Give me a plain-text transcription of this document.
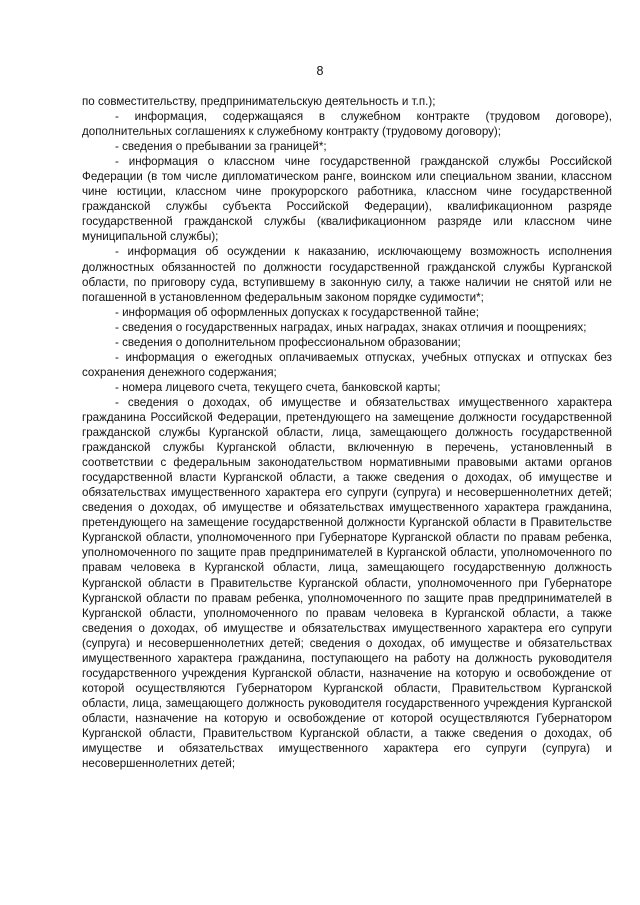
8

по совместительству, предпринимательскую деятельность и т.п.);

- информация, содержащаяся в служебном контракте (трудовом договоре), дополнительных соглашениях к служебному контракту (трудовому договору);

- сведения о пребывании за границей*;

- информация о классном чине государственной гражданской службы Российской Федерации (в том числе дипломатическом ранге, воинском или специальном звании, классном чине юстиции, классном чине прокурорского работника, классном чине государственной гражданской службы субъекта Российской Федерации), квалификационном разряде государственной гражданской службы (квалификационном разряде или классном чине муниципальной службы);

- информация об осуждении к наказанию, исключающему возможность исполнения должностных обязанностей по должности государственной гражданской службы Курганской области, по приговору суда, вступившему в законную силу, а также наличии не снятой или не погашенной в установленном федеральным законом порядке судимости*;

- информация об оформленных допусках к государственной тайне;

- сведения о государственных наградах, иных наградах, знаках отличия и поощрениях;

- сведения о дополнительном профессиональном образовании;

- информация о ежегодных оплачиваемых отпусках, учебных отпусках и отпусках без сохранения денежного содержания;

- номера лицевого счета, текущего счета, банковской карты;

- сведения о доходах, об имуществе и обязательствах имущественного характера гражданина Российской Федерации, претендующего на замещение должности государственной гражданской службы Курганской области, лица, замещающего должность государственной гражданской службы Курганской области, включенную в перечень, установленный в соответствии с федеральным законодательством нормативными правовыми актами органов государственной власти Курганской области, а также сведения о доходах, об имуществе и обязательствах имущественного характера его супруги (супруга) и несовершеннолетних детей; сведения о доходах, об имуществе и обязательствах имущественного характера гражданина, претендующего на замещение государственной должности Курганской области в Правительстве Курганской области, уполномоченного при Губернаторе Курганской области по правам ребенка, уполномоченного по защите прав предпринимателей в Курганской области, уполномоченного по правам человека в Курганской области, лица, замещающего государственную должность Курганской области в Правительстве Курганской области, уполномоченного при Губернаторе Курганской области по правам ребенка, уполномоченного по защите прав предпринимателей в Курганской области, уполномоченного по правам человека в Курганской области, а также сведения о доходах, об имуществе и обязательствах имущественного характера его супруги (супруга) и несовершеннолетних детей; сведения о доходах, об имуществе и обязательствах имущественного характера гражданина, поступающего на работу на должность руководителя государственного учреждения Курганской области, назначение на которую и освобождение от которой осуществляются Губернатором Курганской области, Правительством Курганской области, лица, замещающего должность руководителя государственного учреждения Курганской области, назначение на которую и освобождение от которой осуществляются Губернатором Курганской области, Правительством Курганской области, а также сведения о доходах, об имуществе и обязательствах имущественного характера его супруги (супруга) и несовершеннолетних детей;
